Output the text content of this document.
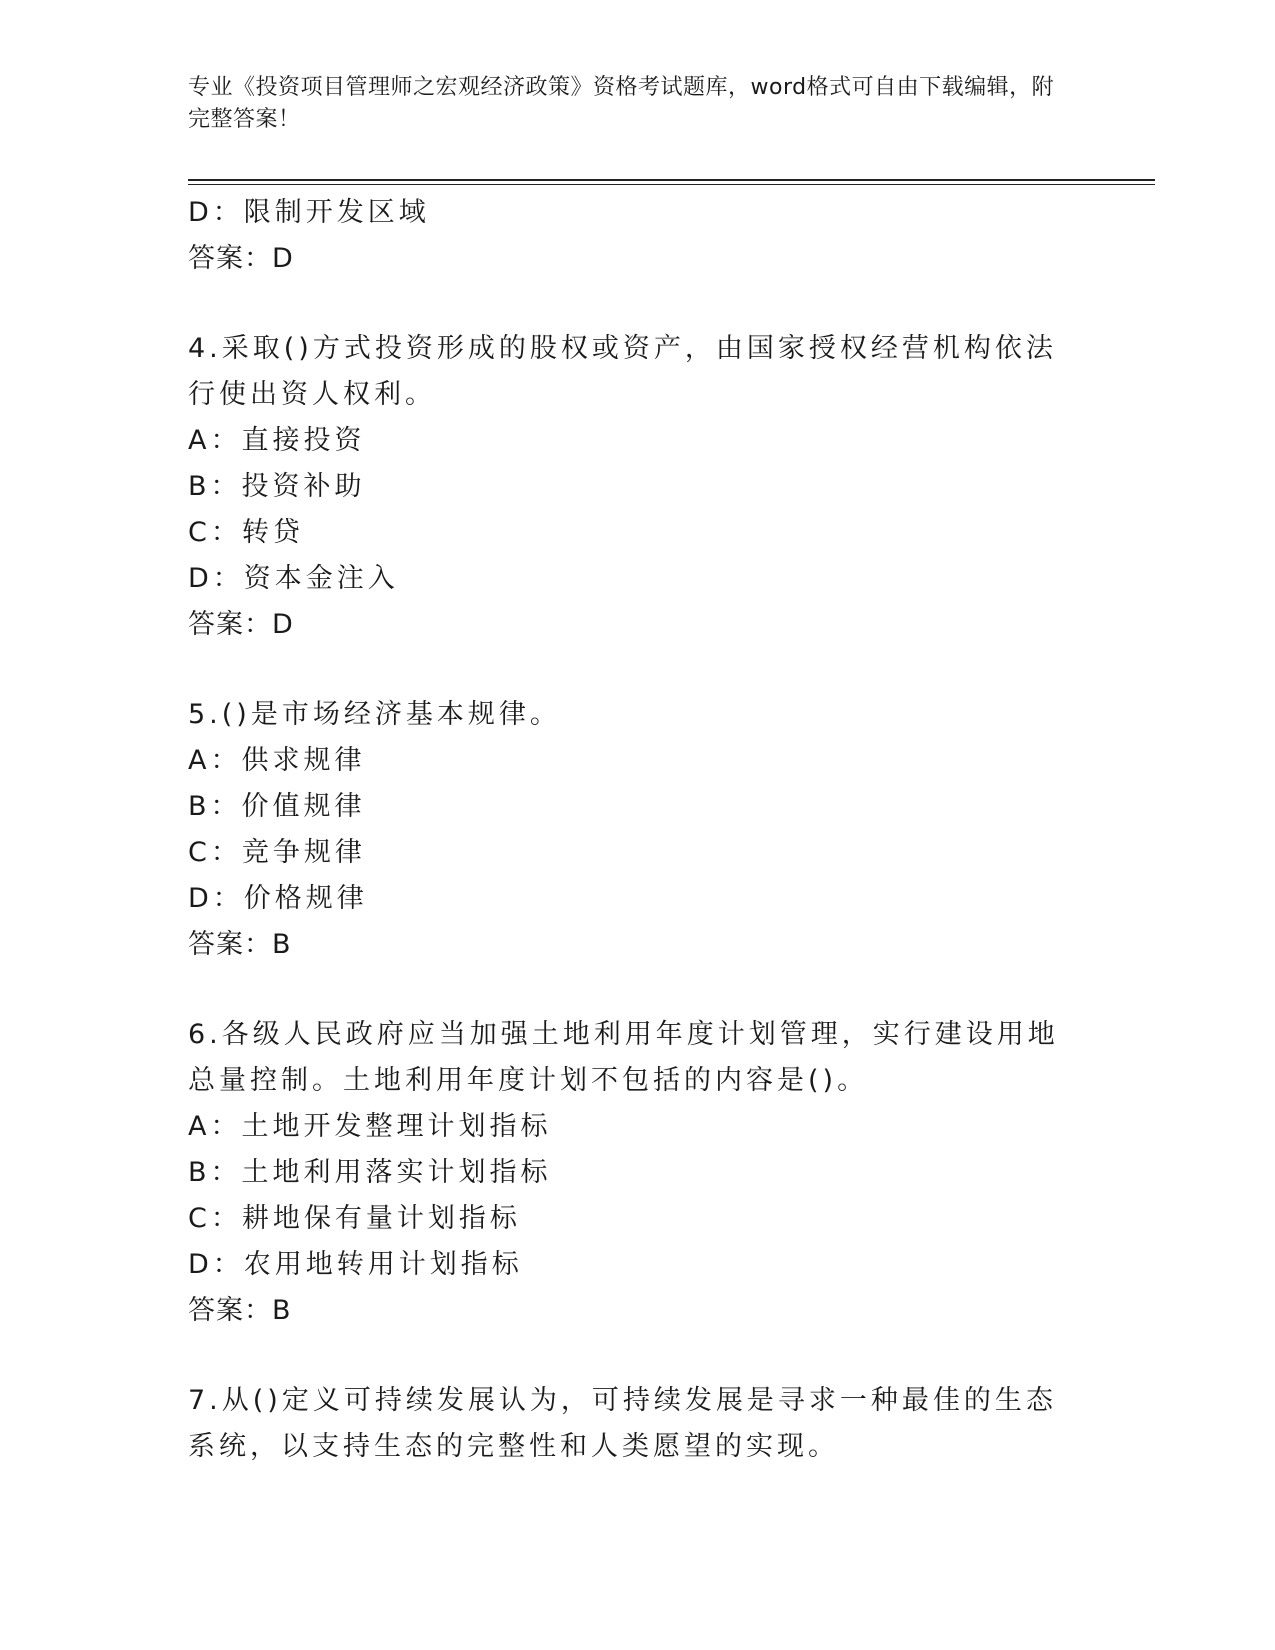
专业《投资项目管理师之宏观经济政策》资格考试题库，word格式可自由下载编辑，附完整答案！
D：限制开发区域
答案：D
4.采取()方式投资形成的股权或资产，由国家授权经营机构依法行使出资人权利。
A：直接投资
B：投资补助
C：转贷
D：资本金注入
答案：D
5.()是市场经济基本规律。
A：供求规律
B：价值规律
C：竞争规律
D：价格规律
答案：B
6.各级人民政府应当加强土地利用年度计划管理，实行建设用地总量控制。土地利用年度计划不包括的内容是()。
A：土地开发整理计划指标
B：土地利用落实计划指标
C：耕地保有量计划指标
D：农用地转用计划指标
答案：B
7.从()定义可持续发展认为，可持续发展是寻求一种最佳的生态系统，以支持生态的完整性和人类愿望的实现。
